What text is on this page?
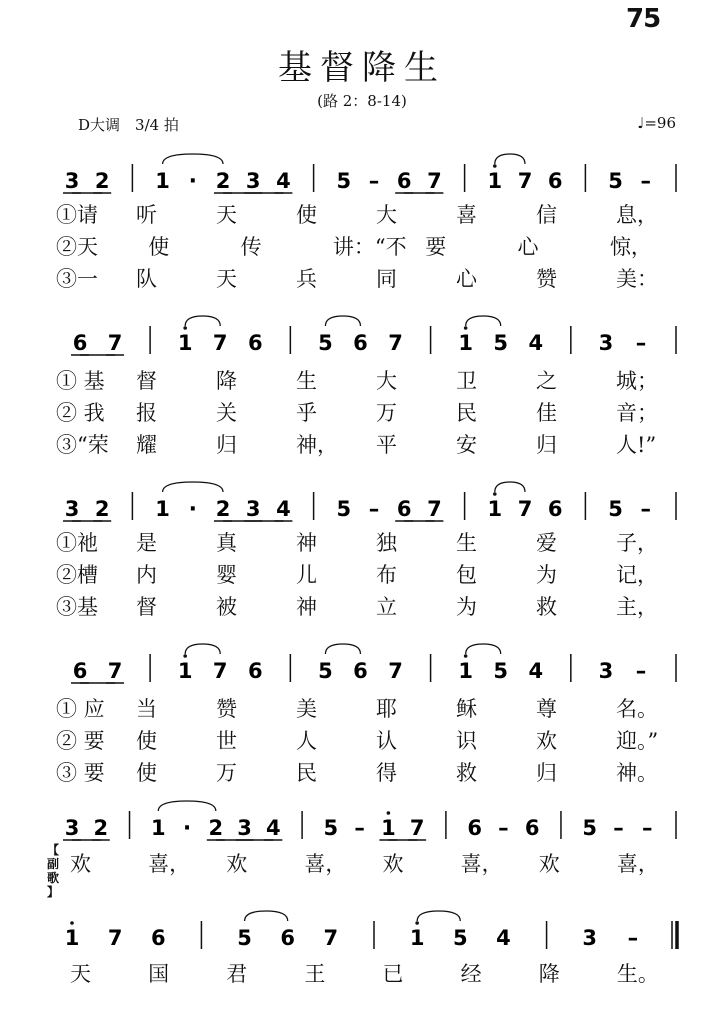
75
基督降生
(路 2：8-14)
D大调　3/4 拍	♩=96
3 2 1 · 2 3 4 5 – 6 7 1 7 6 5 –
6 7	1 7 6	5 6 7	1 5 4	3 –
3 2 1 · 2 3 4 5 – 6 7 1 7 6 5 –
6 7	1 7 6	5 6 7	1 5 4	3 –
3 2 1 · 2 3 4 5 – 1 7 6 – 6 5 – –
1 7 6	5 6 7	1 5 4	3 –
①请 听	天	使	大	喜	信	息，
②天 使	传	讲：“不 要	心	惊，
③一 队	天	兵	同	心	赞	美：
① 基 督	降	生	大	卫	之	城；
② 我 报	关	乎	万	民	佳	音；
③“荣 耀	归	神， 平	安	归	人!”
①祂 是	真	神	独	生	爱	子，
②槽 内	婴	儿	布	包	为	记，
③基 督	被	神	立	为	救	主，
① 应 当	赞	美	耶	稣	尊	名。
② 要 使	世	人	认	识	欢	迎。”
③ 要 使	万	民	得	救	归	神。
欢	喜， 欢	喜， 欢	喜， 欢	喜，
天	国	君	王	已	经	降	生。
【
副
歌
】
